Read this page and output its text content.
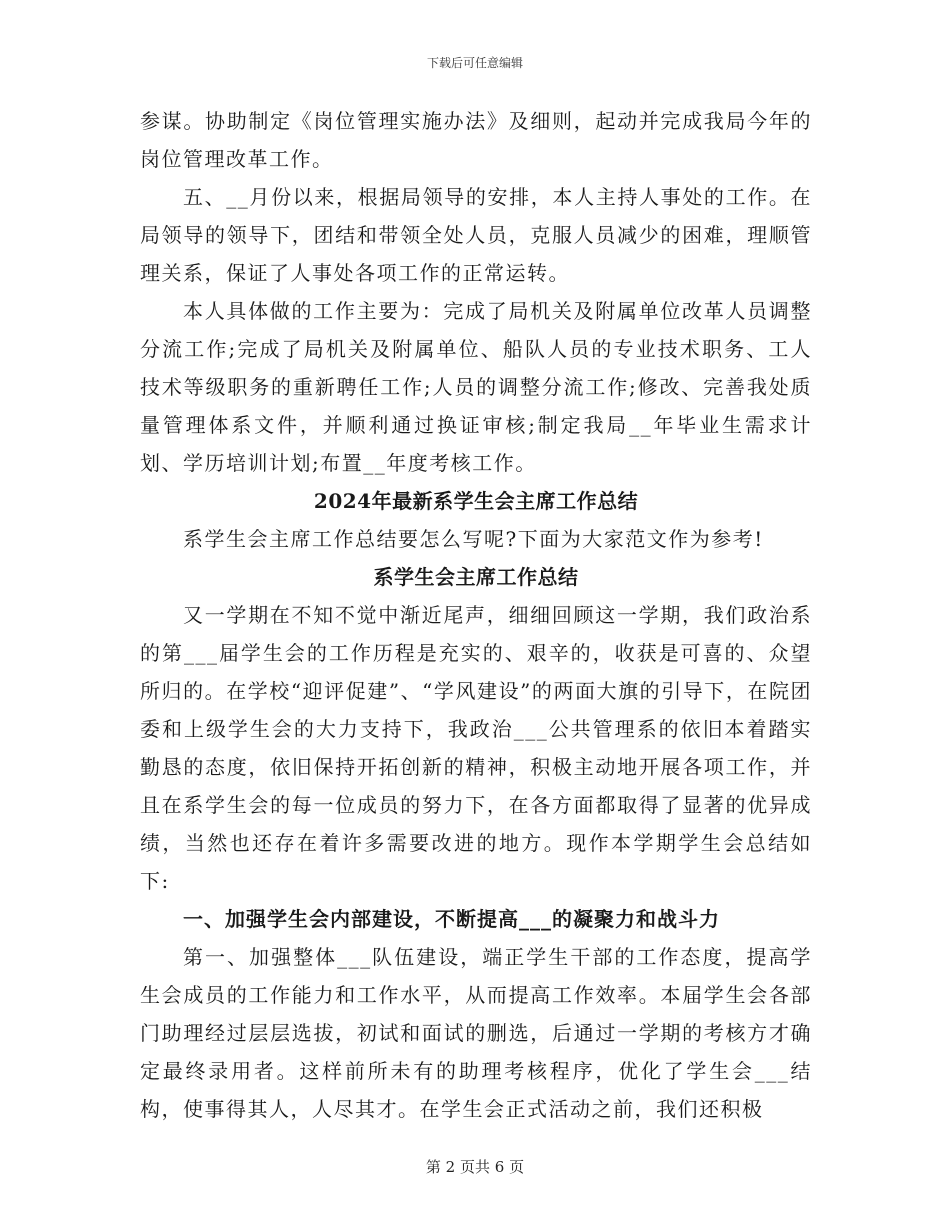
下载后可任意编辑

参谋。协助制定《岗位管理实施办法》及细则，起动并完成我局今年的岗位管理改革工作。

五、__月份以来，根据局领导的安排，本人主持人事处的工作。在局领导的领导下，团结和带领全处人员，克服人员减少的困难，理顺管理关系，保证了人事处各项工作的正常运转。

本人具体做的工作主要为：完成了局机关及附属单位改革人员调整分流工作;完成了局机关及附属单位、船队人员的专业技术职务、工人技术等级职务的重新聘任工作;人员的调整分流工作;修改、完善我处质量管理体系文件，并顺利通过换证审核;制定我局__年毕业生需求计划、学历培训计划;布置__年度考核工作。

2024年最新系学生会主席工作总结

系学生会主席工作总结要怎么写呢?下面为大家范文作为参考!

系学生会主席工作总结

又一学期在不知不觉中渐近尾声，细细回顾这一学期，我们政治系的第___届学生会的工作历程是充实的、艰辛的，收获是可喜的、众望所归的。在学校“迎评促建”、“学风建设”的两面大旗的引导下，在院团委和上级学生会的大力支持下，我政治___公共管理系的依旧本着踏实勤恳的态度，依旧保持开拓创新的精神，积极主动地开展各项工作，并且在系学生会的每一位成员的努力下，在各方面都取得了显著的优异成绩，当然也还存在着许多需要改进的地方。现作本学期学生会总结如下:

一、加强学生会内部建设，不断提高___的凝聚力和战斗力

第一、加强整体___队伍建设，端正学生干部的工作态度，提高学生会成员的工作能力和工作水平，从而提高工作效率。本届学生会各部门助理经过层层选拔，初试和面试的删选，后通过一学期的考核方才确定最终录用者。这样前所未有的助理考核程序，优化了学生会___结构，使事得其人，人尽其才。在学生会正式活动之前，我们还积极

第 2 页共 6 页
